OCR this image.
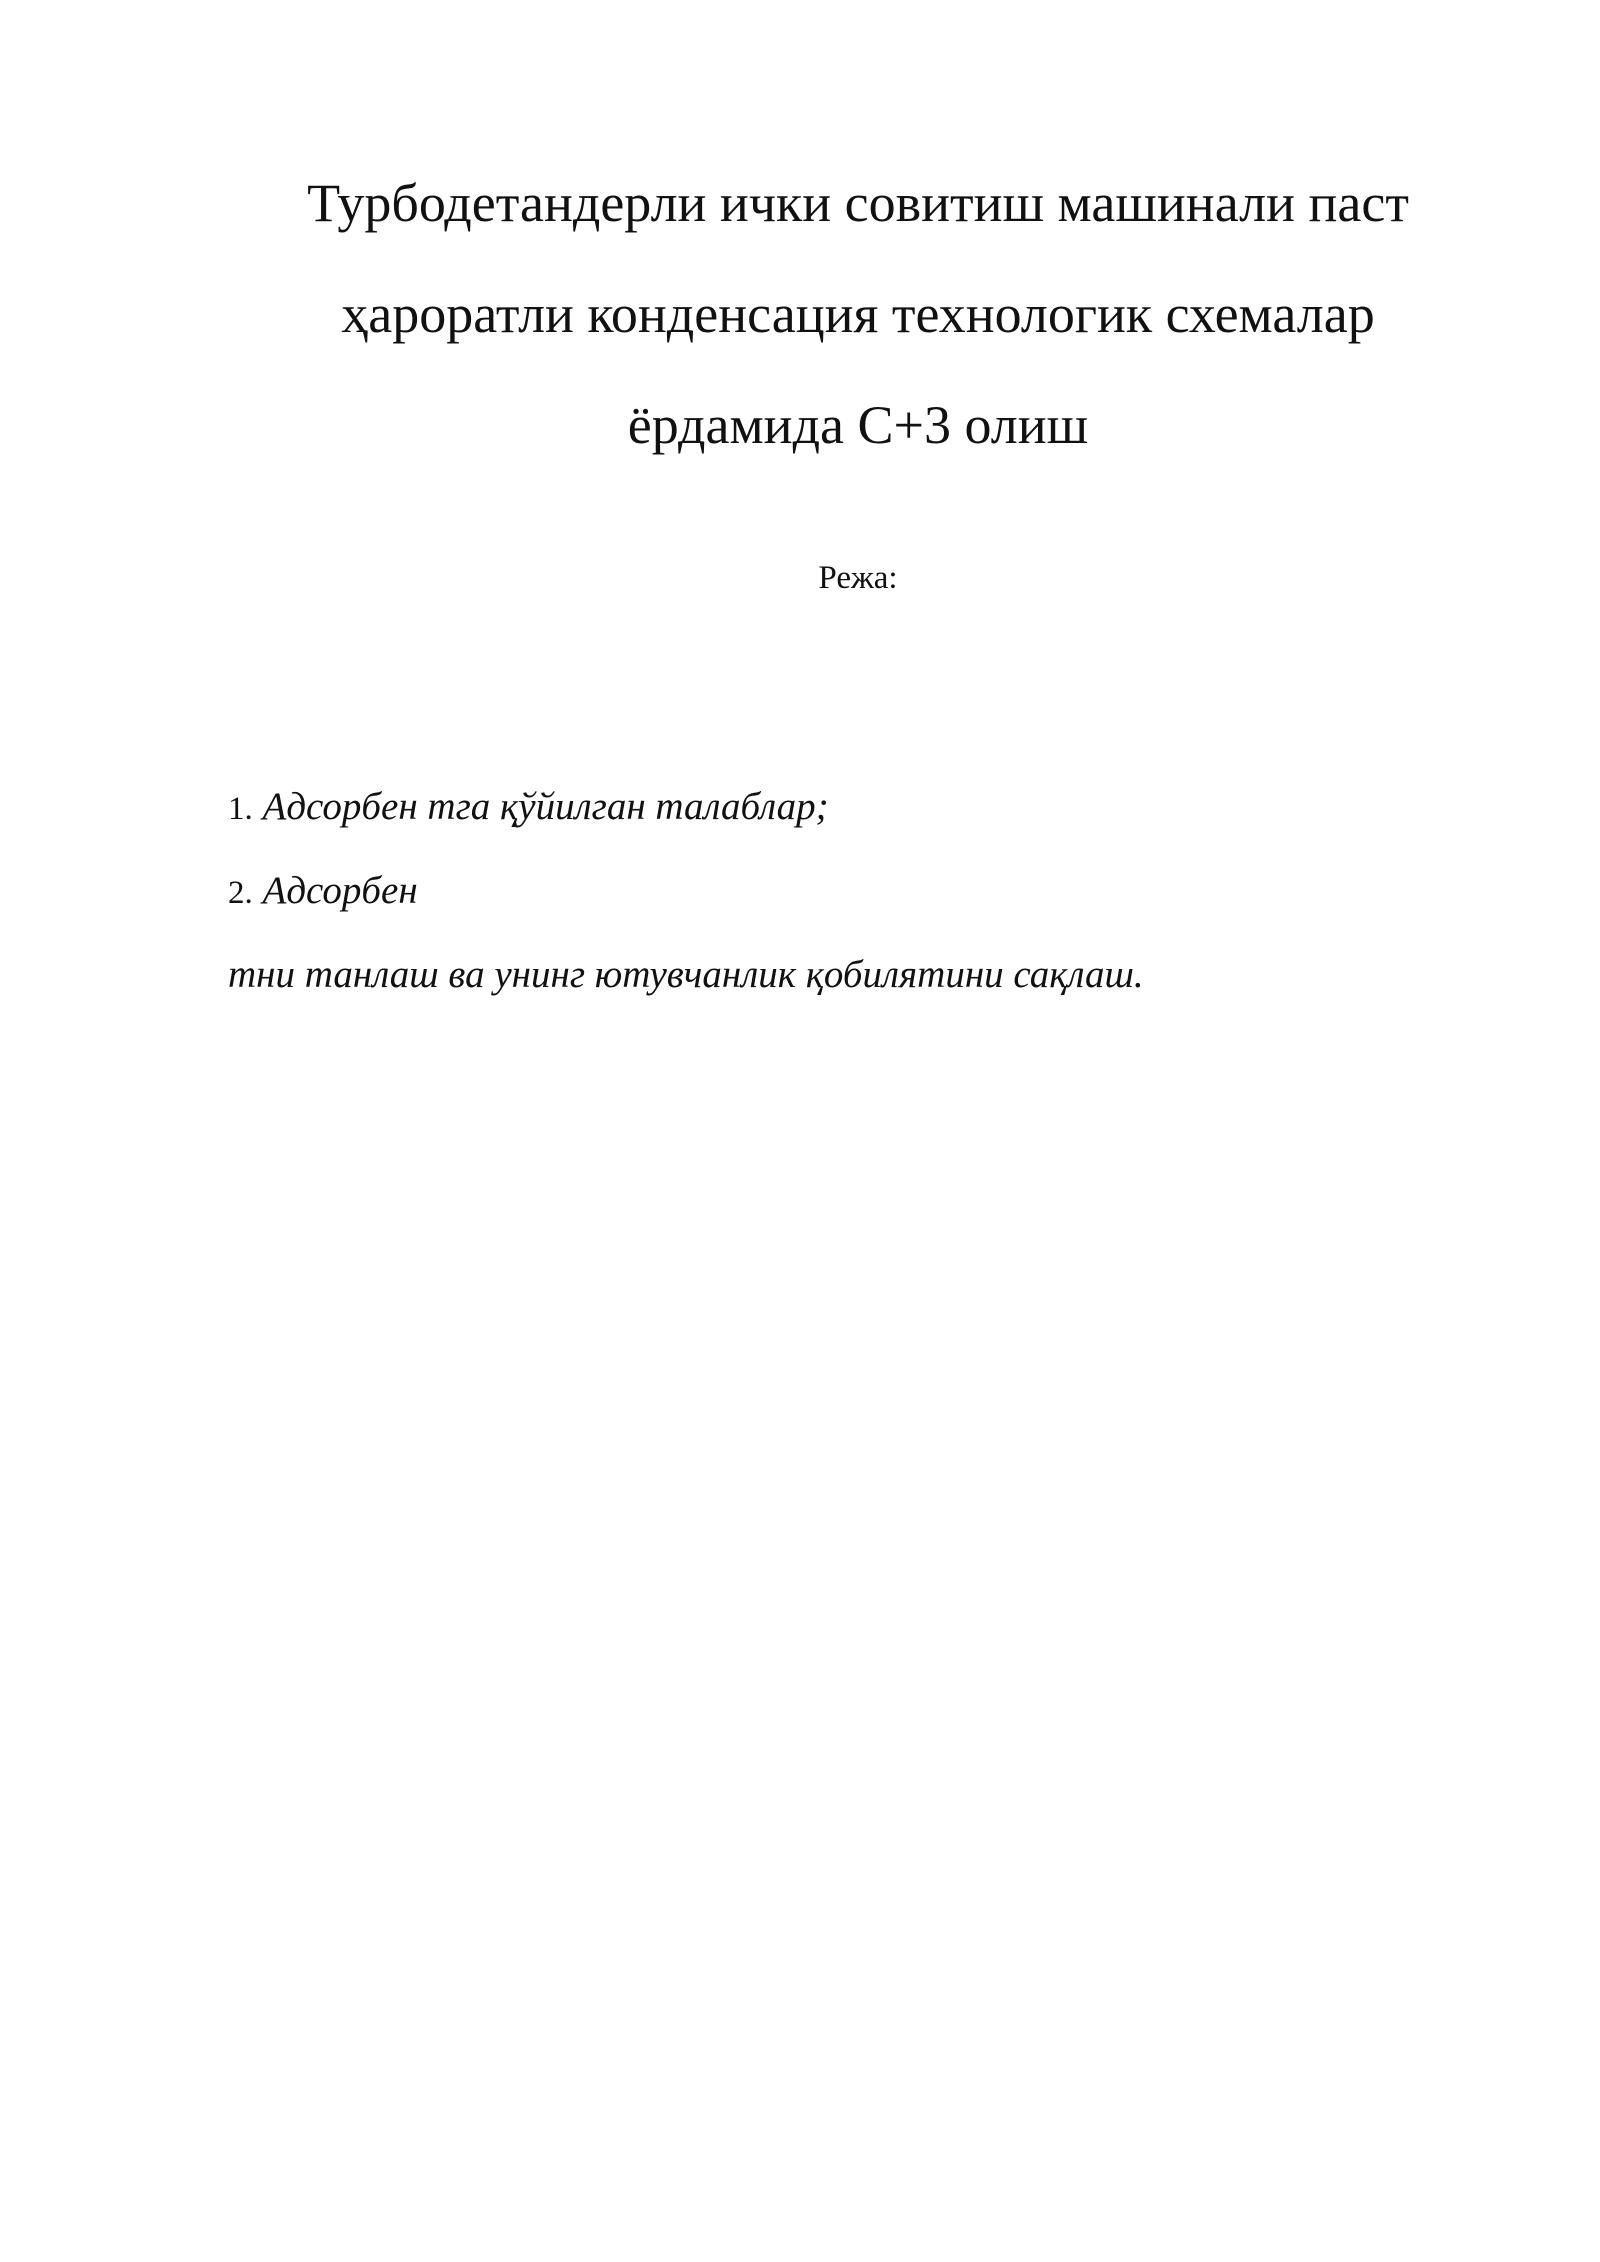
Турбодетандерли ички совитиш машинали паст
ҳароратли конденсация технологик схемалар
ёрдамида C+3 олиш

Режа:

1. Адсорбен тга қўйилган талаблар;
2. Адсорбен
тни танлаш ва унинг ютувчанлик қобилятини сақлаш.
